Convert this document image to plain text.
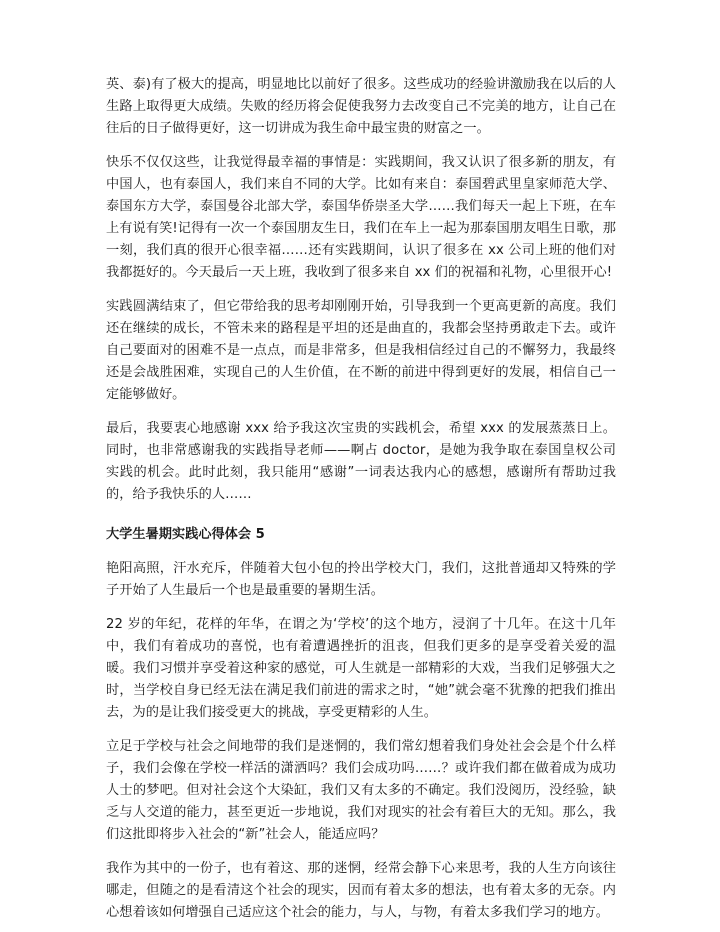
英、泰)有了极大的提高，明显地比以前好了很多。这些成功的经验讲激励我在以后的人生路上取得更大成绩。失败的经历将会促使我努力去改变自己不完美的地方，让自己在往后的日子做得更好，这一切讲成为我生命中最宝贵的财富之一。

快乐不仅仅这些，让我觉得最幸福的事情是：实践期间，我又认识了很多新的朋友，有中国人，也有泰国人，我们来自不同的大学。比如有来自：泰国碧武里皇家师范大学、泰国东方大学，泰国曼谷北部大学，泰国华侨崇圣大学……我们每天一起上下班，在车上有说有笑!记得有一次一个泰国朋友生日，我们在车上一起为那泰国朋友唱生日歌，那一刻，我们真的很开心很幸福……还有实践期间，认识了很多在 xx 公司上班的他们对我都挺好的。今天最后一天上班，我收到了很多来自 xx 们的祝福和礼物，心里很开心!

实践圆满结束了，但它带给我的思考却刚刚开始，引导我到一个更高更新的高度。我们还在继续的成长，不管未来的路程是平坦的还是曲直的，我都会坚持勇敢走下去。或许自己要面对的困难不是一点点，而是非常多，但是我相信经过自己的不懈努力，我最终还是会战胜困难，实现自己的人生价值，在不断的前进中得到更好的发展，相信自己一定能够做好。

最后，我要衷心地感谢 xxx 给予我这次宝贵的实践机会，希望 xxx 的发展蒸蒸日上。同时，也非常感谢我的实践指导老师——啊占 doctor，是她为我争取在泰国皇权公司实践的机会。此时此刻，我只能用“感谢”一词表达我内心的感想，感谢所有帮助过我的，给予我快乐的人……

大学生暑期实践心得体会 5

艳阳高照，汗水充斥，伴随着大包小包的拎出学校大门，我们，这批普通却又特殊的学子开始了人生最后一个也是最重要的暑期生活。

22 岁的年纪，花样的年华，在谓之为‘学校’的这个地方，浸润了十几年。在这十几年中，我们有着成功的喜悦，也有着遭遇挫折的沮丧，但我们更多的是享受着关爱的温暖。我们习惯并享受着这种家的感觉，可人生就是一部精彩的大戏，当我们足够强大之时，当学校自身已经无法在满足我们前进的需求之时，“她”就会毫不犹豫的把我们推出去，为的是让我们接受更大的挑战，享受更精彩的人生。

立足于学校与社会之间地带的我们是迷惘的，我们常幻想着我们身处社会会是个什么样子，我们会像在学校一样活的潇洒吗？我们会成功吗……？或许我们都在做着成为成功人士的梦吧。但对社会这个大染缸，我们又有太多的不确定。我们没阅历，没经验，缺乏与人交道的能力，甚至更近一步地说，我们对现实的社会有着巨大的无知。那么，我们这批即将步入社会的“新”社会人，能适应吗？

我作为其中的一份子，也有着这、那的迷惘，经常会静下心来思考，我的人生方向该往哪走，但随之的是看清这个社会的现实，因而有着太多的想法，也有着太多的无奈。内心想着该如何增强自己适应这个社会的能力，与人，与物，有着太多我们学习的地方。
